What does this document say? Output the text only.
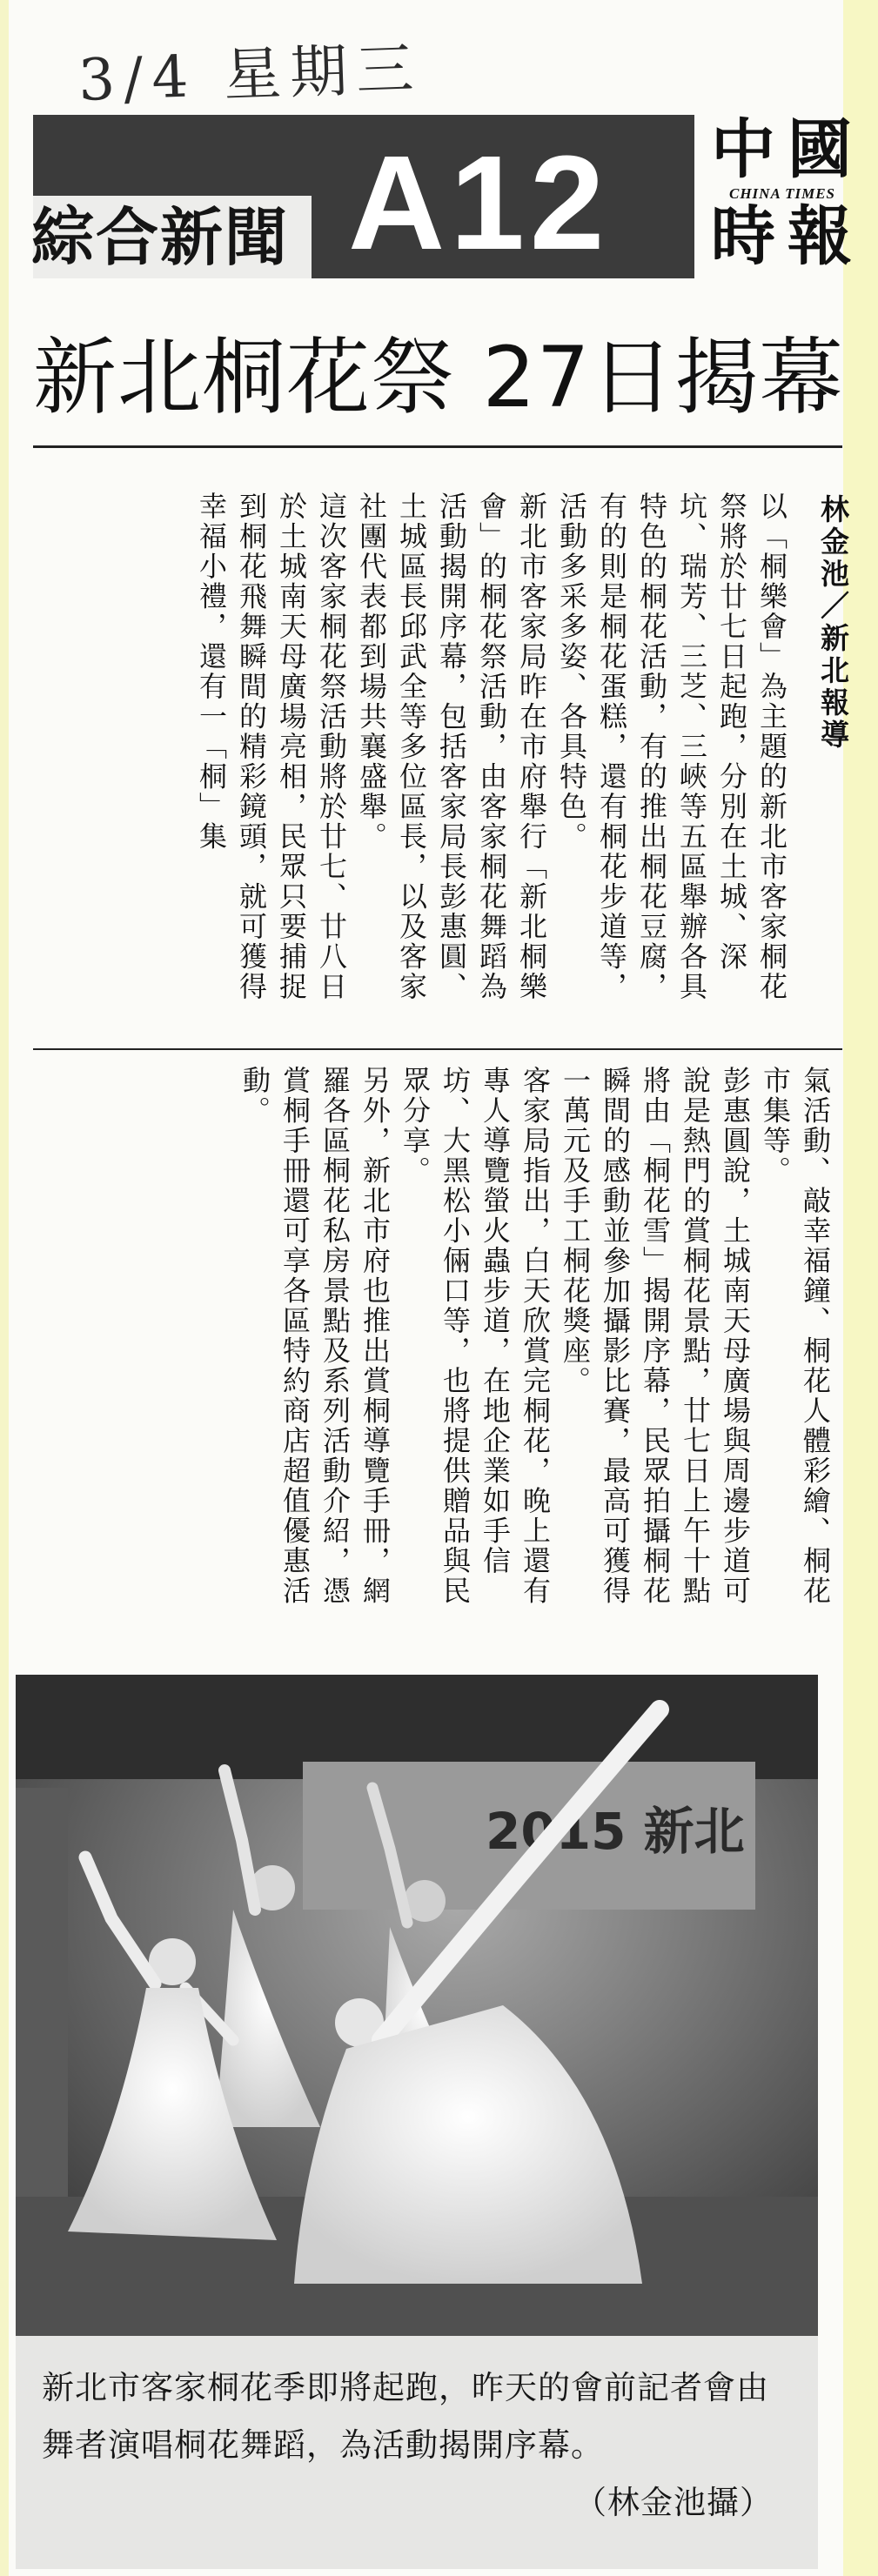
3/4 星期三
綜合新聞 A12	中 國
CHINA TIMES
時 報
新北桐花祭 27日揭幕
林金池／新北報導

以「桐樂會」為主題的新北市客家桐花祭將於廿七日起跑，分別在土城、深坑、瑞芳、三芝、三峽等五區舉辦各具特色的桐花活動，有的推出桐花豆腐，有的則是桐花蛋糕，還有桐花步道等，活動多采多姿、各具特色。

新北市客家局昨在市府舉行「新北桐樂會」的桐花祭活動，由客家桐花舞蹈為活動揭開序幕，包括客家局長彭惠圓、土城區長邱武全等多位區長，以及客家社團代表都到場共襄盛舉。

這次客家桐花祭活動將於廿七、廿八日於土城南天母廣場亮相，民眾只要捕捉到桐花飛舞瞬間的精彩鏡頭，就可獲得幸福小禮，還有一「桐」集

氣活動、敲幸福鐘、桐花人體彩繪、桐花市集等。

彭惠圓說，土城南天母廣場與周邊步道可說是熱門的賞桐花景點，廿七日上午十點將由「桐花雪」揭開序幕，民眾拍攝桐花瞬間的感動並參加攝影比賽，最高可獲得一萬元及手工桐花獎座。

客家局指出，白天欣賞完桐花，晚上還有專人導覽螢火蟲步道，在地企業如手信坊、大黑松小倆口等，也將提供贈品與民眾分享。

另外，新北市府也推出賞桐導覽手冊，網羅各區桐花私房景點及系列活動介紹，憑賞桐手冊還可享各區特約商店超值優惠活動。

2015 新北
新北市客家桐花季即將起跑，昨天的會前記者會由舞者演唱桐花舞蹈，為活動揭開序幕。
（林金池攝）
